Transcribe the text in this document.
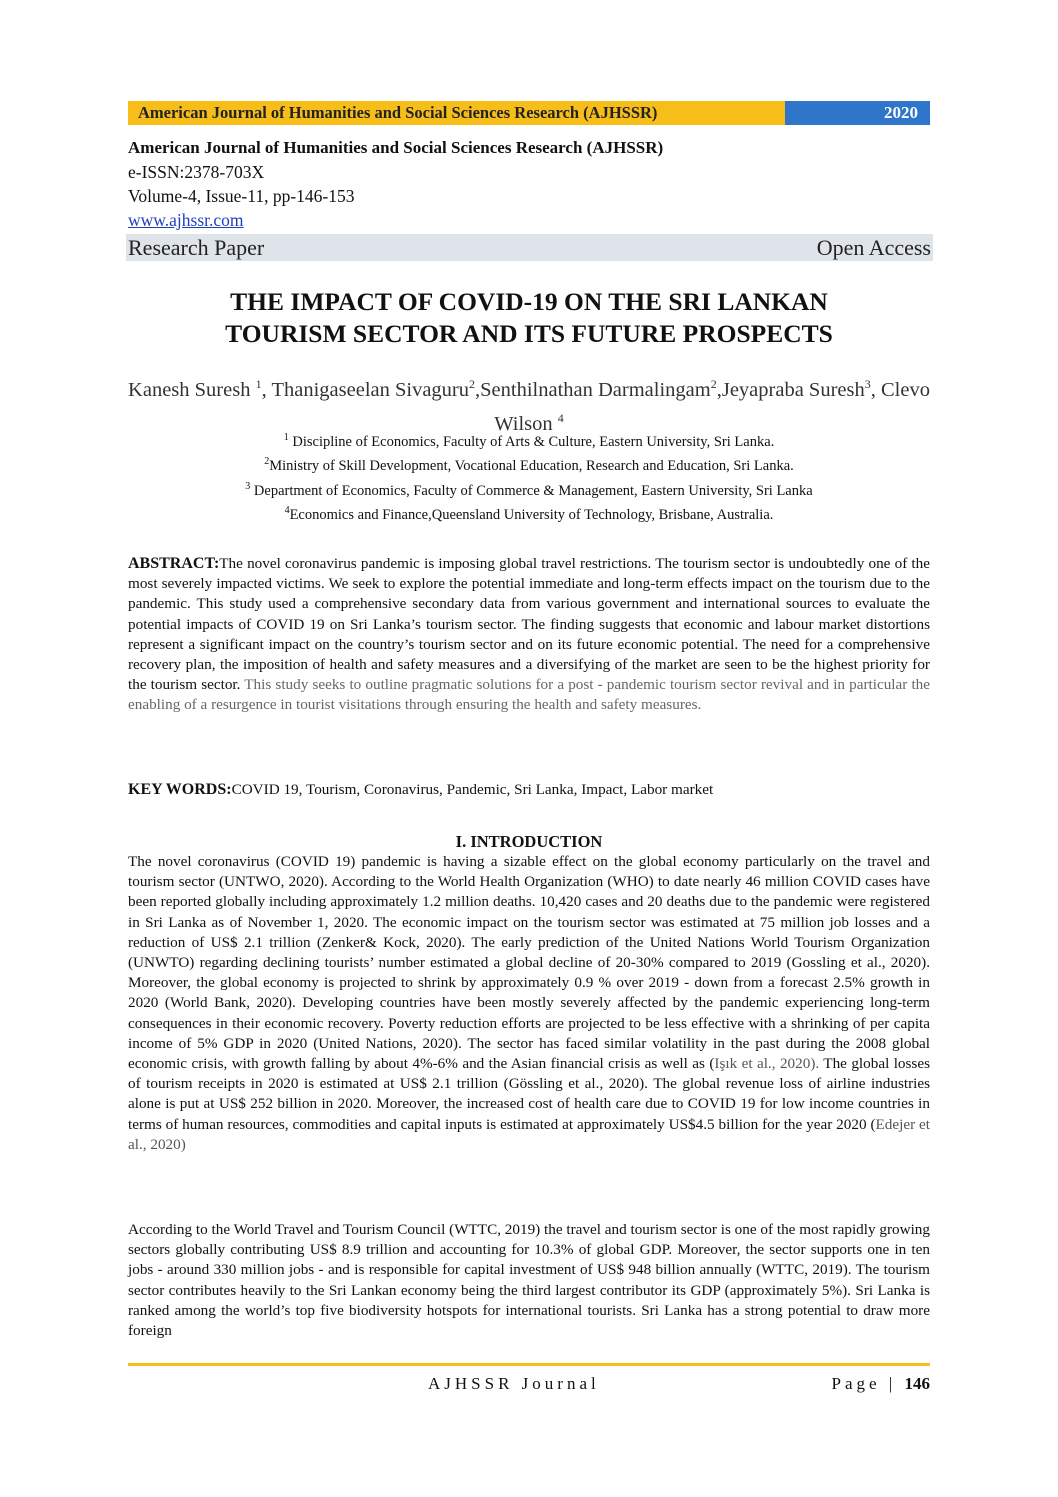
American Journal of Humanities and Social Sciences Research (AJHSSR)	2020
American Journal of Humanities and Social Sciences Research (AJHSSR)
e-ISSN:2378-703X
Volume-4, Issue-11, pp-146-153
www.ajhssr.com
Research Paper	Open Access
THE IMPACT OF COVID-19 ON THE SRI LANKAN
TOURISM SECTOR AND ITS FUTURE PROSPECTS
Kanesh Suresh $^1$, Thanigaseelan Sivaguru$^2$,Senthilnathan Darmalingam$^2$,Jeyapraba Suresh$^3$, Clevo Wilson $^4$
$^1$ Discipline of Economics, Faculty of Arts & Culture, Eastern University, Sri Lanka.
$^2$Ministry of Skill Development, Vocational Education, Research and Education, Sri Lanka.
$^3$ Department of Economics, Faculty of Commerce & Management, Eastern University, Sri Lanka
$^4$Economics and Finance,Queensland University of Technology, Brisbane, Australia.
ABSTRACT:The novel coronavirus pandemic is imposing global travel restrictions. The tourism sector is undoubtedly one of the most severely impacted victims. We seek to explore the potential immediate and long-term effects impact on the tourism due to the pandemic. This study used a comprehensive secondary data from various government and international sources to evaluate the potential impacts of COVID 19 on Sri Lanka’s tourism sector. The finding suggests that economic and labour market distortions represent a significant impact on the country’s tourism sector and on its future economic potential. The need for a comprehensive recovery plan, the imposition of health and safety measures and a diversifying of the market are seen to be the highest priority for the tourism sector. This study seeks to outline pragmatic solutions for a post - pandemic tourism sector revival and in particular the enabling of a resurgence in tourist visitations through ensuring the health and safety measures.
KEY WORDS:COVID 19, Tourism, Coronavirus, Pandemic, Sri Lanka, Impact, Labor market
I. INTRODUCTION
The novel coronavirus (COVID 19) pandemic is having a sizable effect on the global economy particularly on the travel and tourism sector (UNTWO, 2020). According to the World Health Organization (WHO) to date nearly 46 million COVID cases have been reported globally including approximately 1.2 million deaths. 10,420 cases and 20 deaths due to the pandemic were registered in Sri Lanka as of November 1, 2020. The economic impact on the tourism sector was estimated at 75 million job losses and a reduction of US$ 2.1 trillion (Zenker& Kock, 2020). The early prediction of the United Nations World Tourism Organization (UNWTO) regarding declining tourists’ number estimated a global decline of 20-30% compared to 2019 (Gossling et al., 2020). Moreover, the global economy is projected to shrink by approximately 0.9 % over 2019 - down from a forecast 2.5% growth in 2020 (World Bank, 2020). Developing countries have been mostly severely affected by the pandemic experiencing long-term consequences in their economic recovery. Poverty reduction efforts are projected to be less effective with a shrinking of per capita income of 5% GDP in 2020 (United Nations, 2020). The sector has faced similar volatility in the past during the 2008 global economic crisis, with growth falling by about 4%-6% and the Asian financial crisis as well as (Işık et al., 2020). The global losses of tourism receipts in 2020 is estimated at US$ 2.1 trillion (Gössling et al., 2020). The global revenue loss of airline industries alone is put at US$ 252 billion in 2020. Moreover, the increased cost of health care due to COVID 19 for low income countries in terms of human resources, commodities and capital inputs is estimated at approximately US$4.5 billion for the year 2020 (Edejer et al., 2020)
According to the World Travel and Tourism Council (WTTC, 2019) the travel and tourism sector is one of the most rapidly growing sectors globally contributing US$ 8.9 trillion and accounting for 10.3% of global GDP. Moreover, the sector supports one in ten jobs - around 330 million jobs - and is responsible for capital investment of US$ 948 billion annually (WTTC, 2019). The tourism sector contributes heavily to the Sri Lankan economy being the third largest contributor its GDP (approximately 5%). Sri Lanka is ranked among the world’s top five biodiversity hotspots for international tourists. Sri Lanka has a strong potential to draw more foreign
AJHSSR Journal	Page | 146
